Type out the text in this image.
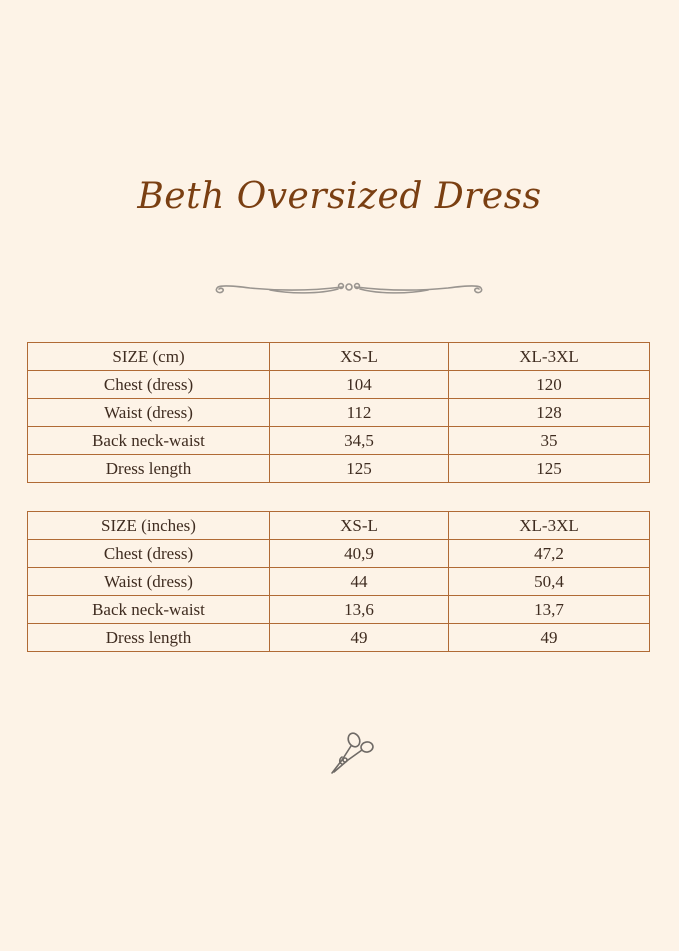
Beth Oversized Dress
SIZE (cm)	XS-L	XL-3XL
Chest (dress)	104	120
Waist (dress)	112	128
Back neck-waist	34,5	35
Dress length	125	125
SIZE (inches)	XS-L	XL-3XL
Chest (dress)	40,9	47,2
Waist (dress)	44	50,4
Back neck-waist	13,6	13,7
Dress length	49	49
